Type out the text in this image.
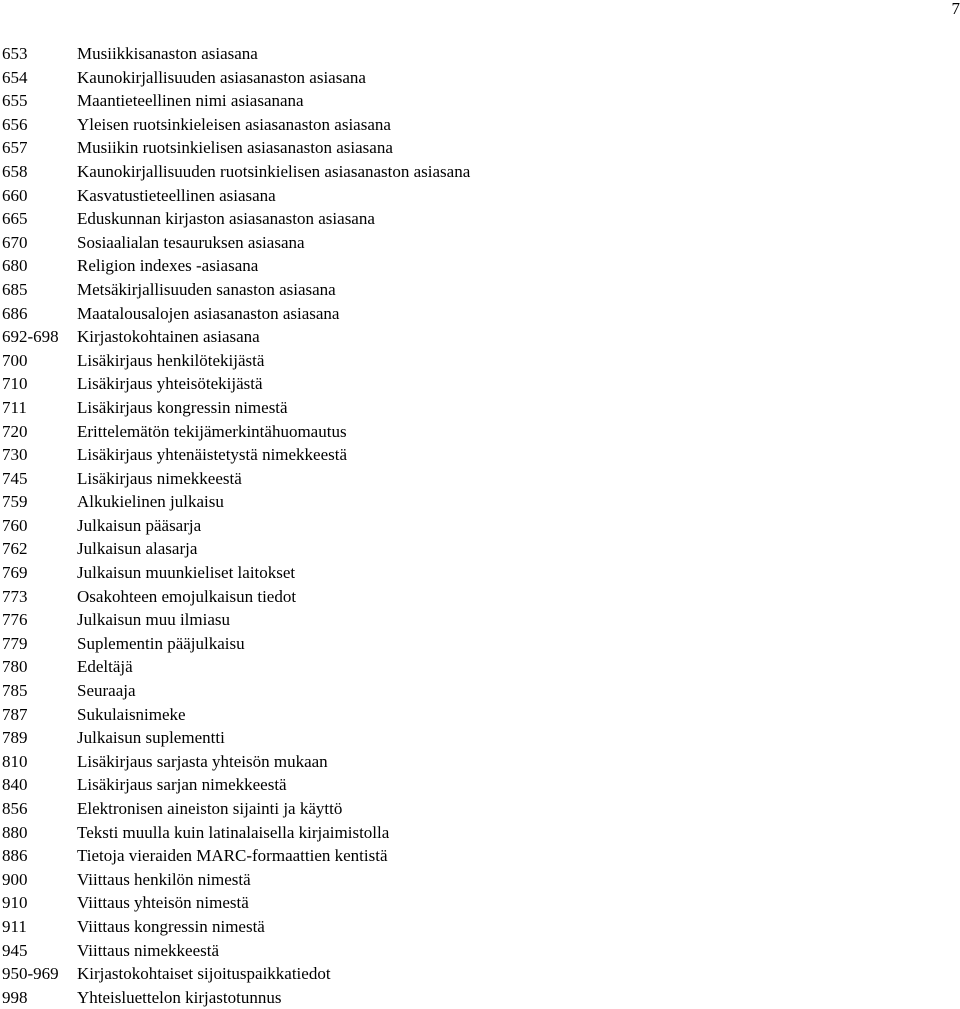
7
653	Musiikkisanaston asiasana
654	Kaunokirjallisuuden asiasanaston asiasana
655	Maantieteellinen nimi asiasanana
656	Yleisen ruotsinkieleisen asiasanaston asiasana
657	Musiikin ruotsinkielisen asiasanaston asiasana
658	Kaunokirjallisuuden ruotsinkielisen asiasanaston asiasana
660	Kasvatustieteellinen asiasana
665	Eduskunnan kirjaston asiasanaston asiasana
670	Sosiaalialan tesauruksen asiasana
680	Religion indexes -asiasana
685	Metsäkirjallisuuden sanaston asiasana
686	Maatalousalojen asiasanaston asiasana
692-698	Kirjastokohtainen asiasana
700	Lisäkirjaus henkilötekijästä
710	Lisäkirjaus yhteisötekijästä
711	Lisäkirjaus kongressin nimestä
720	Erittelemätön tekijämerkintähuomautus
730	Lisäkirjaus yhtenäistetystä nimekkeestä
745	Lisäkirjaus nimekkeestä
759	Alkukielinen julkaisu
760	Julkaisun pääsarja
762	Julkaisun alasarja
769	Julkaisun muunkieliset laitokset
773	Osakohteen emojulkaisun tiedot
776	Julkaisun muu ilmiasu
779	Suplementin pääjulkaisu
780	Edeltäjä
785	Seuraaja
787	Sukulaisnimeke
789	Julkaisun suplementti
810	Lisäkirjaus sarjasta yhteisön mukaan
840	Lisäkirjaus sarjan nimekkeestä
856	Elektronisen aineiston sijainti ja käyttö
880	Teksti muulla kuin latinalaisella kirjaimistolla
886	Tietoja vieraiden MARC-formaattien kentistä
900	Viittaus henkilön nimestä
910	Viittaus yhteisön nimestä
911	Viittaus kongressin nimestä
945	Viittaus nimekkeestä
950-969	Kirjastokohtaiset sijoituspaikkatiedot
998	Yhteisluettelon kirjastotunnus
